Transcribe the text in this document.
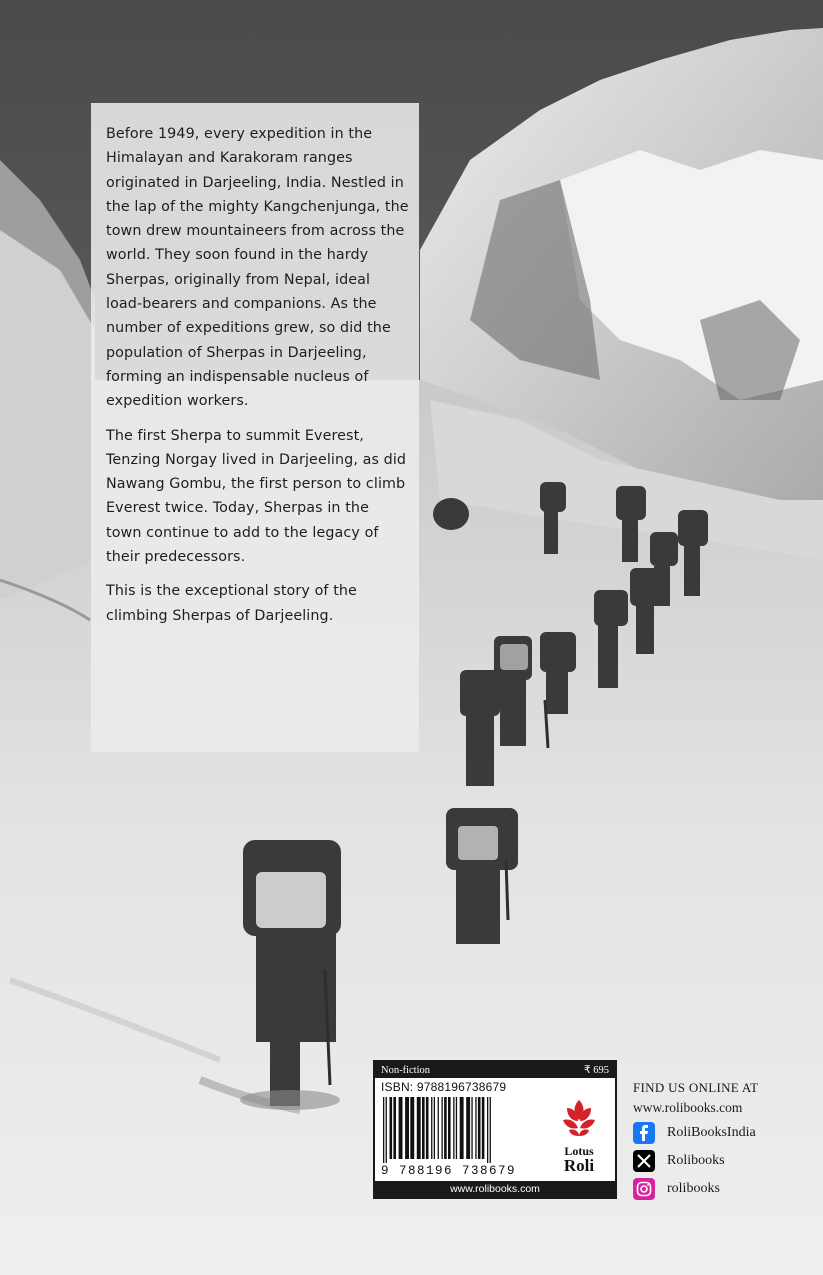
Before 1949, every expedition in the Himalayan and Karakoram ranges originated in Darjeeling, India. Nestled in the lap of the mighty Kangchenjunga, the town drew mountaineers from across the world. They soon found in the hardy Sherpas, originally from Nepal, ideal load-bearers and companions. As the number of expeditions grew, so did the population of Sherpas in Darjeeling, forming an indispensable nucleus of expedition workers.

The first Sherpa to summit Everest, Tenzing Norgay lived in Darjeeling, as did Nawang Gombu, the first person to climb Everest twice. Today, Sherpas in the town continue to add to the legacy of their predecessors.

This is the exceptional story of the climbing Sherpas of Darjeeling.

Non-fiction	₹ 695
ISBN: 9788196738679
9 788196 738679
Lotus
Roli
www.rolibooks.com
FIND US ONLINE AT
www.rolibooks.com
RoliBooksIndia
Rolibooks
rolibooks
